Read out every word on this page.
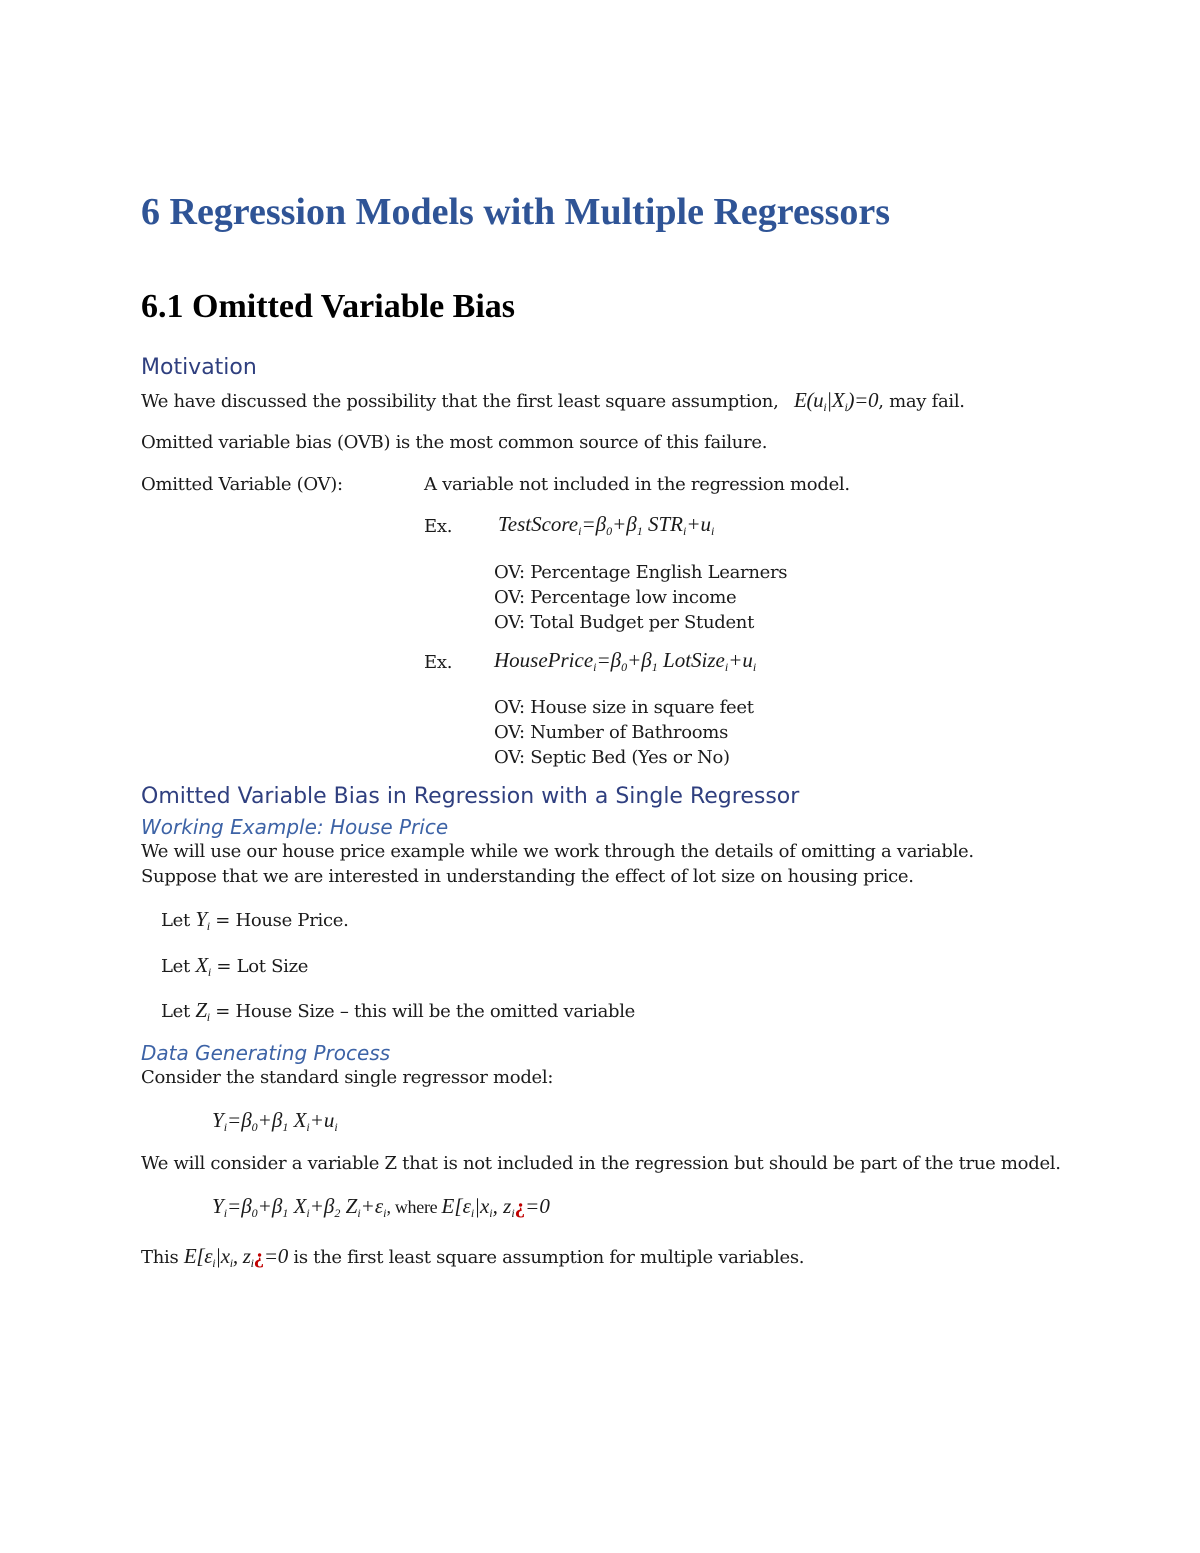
6 Regression Models with Multiple Regressors
6.1 Omitted Variable Bias
Motivation
We have discussed the possibility that the first least square assumption, $E(u_i|X_i)=0$, may fail.
Omitted variable bias (OVB) is the most common source of this failure.
Omitted Variable (OV):	A variable not included in the regression model.
Ex. $TestScore_i=\beta_0+\beta_1$ $STR_i+u_i$
OV: Percentage English Learners
OV: Percentage low income
OV: Total Budget per Student
Ex. $HousePrice_i=\beta_0+\beta_1$ $LotSize_i+u_i$
OV: House size in square feet
OV: Number of Bathrooms
OV: Septic Bed (Yes or No)
Omitted Variable Bias in Regression with a Single Regressor
Working Example: House Price
We will use our house price example while we work through the details of omitting a variable.
Suppose that we are interested in understanding the effect of lot size on housing price.
Let $Y_i$ = House Price.
Let $X_i$ = Lot Size
Let $Z_i$ = House Size – this will be the omitted variable
Data Generating Process
Consider the standard single regressor model:
$Y_i=\beta_0+\beta_1$ $X_i+u_i$
We will consider a variable Z that is not included in the regression but should be part of the true model.
$Y_i=\beta_0+\beta_1$ $X_i+\beta_2$ $Z_i+\varepsilon_i$, where $E[\varepsilon_i|x_i$, $z_i¿=0$
This $E[\varepsilon_i|x_i$, $z_i¿=0$ is the first least square assumption for multiple variables.
